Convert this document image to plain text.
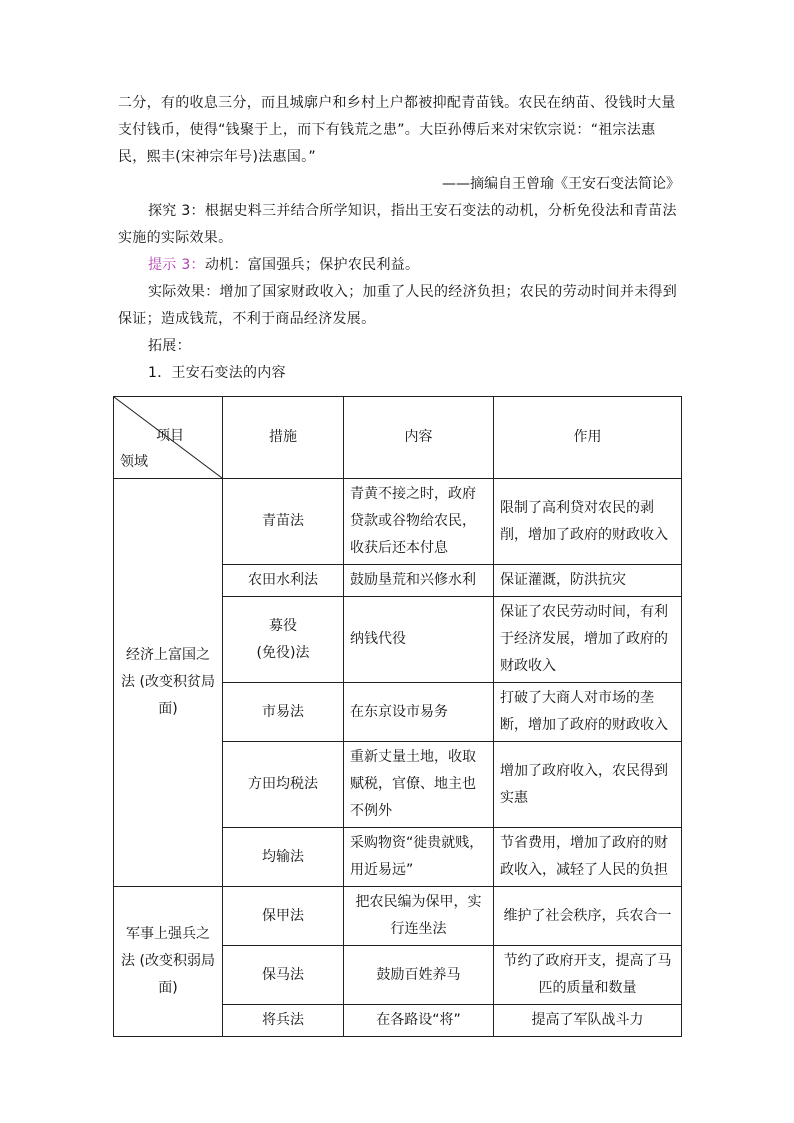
二分，有的收息三分，而且城廓户和乡村上户都被抑配青苗钱。农民在纳苗、役钱时大量支付钱币，使得“钱聚于上，而下有钱荒之患”。大臣孙傅后来对宋钦宗说：“祖宗法惠民，熙丰(宋神宗年号)法惠国。”

——摘编自王曾瑜《王安石变法简论》

探究 3：根据史料三并结合所学知识，指出王安石变法的动机，分析免役法和青苗法实施的实际效果。

提示 3：动机：富国强兵；保护农民利益。

实际效果：增加了国家财政收入；加重了人民的经济负担；农民的劳动时间并未得到保证；造成钱荒，不利于商品经济发展。

拓展：

1．王安石变法的内容

项目
领域	措施	内容	作用
经济上富国之法 (改变积贫局面)	青苗法	青黄不接之时，政府贷款或谷物给农民，收获后还本付息	限制了高利贷对农民的剥削，增加了政府的财政收入
	农田水利法	鼓励垦荒和兴修水利	保证灌溉，防洪抗灾
	募役
(免役)法	纳钱代役	保证了农民劳动时间，有利于经济发展，增加了政府的财政收入
	市易法	在东京设市易务	打破了大商人对市场的垄断，增加了政府的财政收入
	方田均税法	重新丈量土地，收取赋税，官僚、地主也不例外	增加了政府收入，农民得到实惠
	均输法	采购物资“徙贵就贱，用近易远”	节省费用，增加了政府的财政收入，减轻了人民的负担
军事上强兵之法 (改变积弱局面)	保甲法	把农民编为保甲，实行连坐法	维护了社会秩序，兵农合一
	保马法	鼓励百姓养马	节约了政府开支，提高了马匹的质量和数量
	将兵法	在各路设“将”	提高了军队战斗力
